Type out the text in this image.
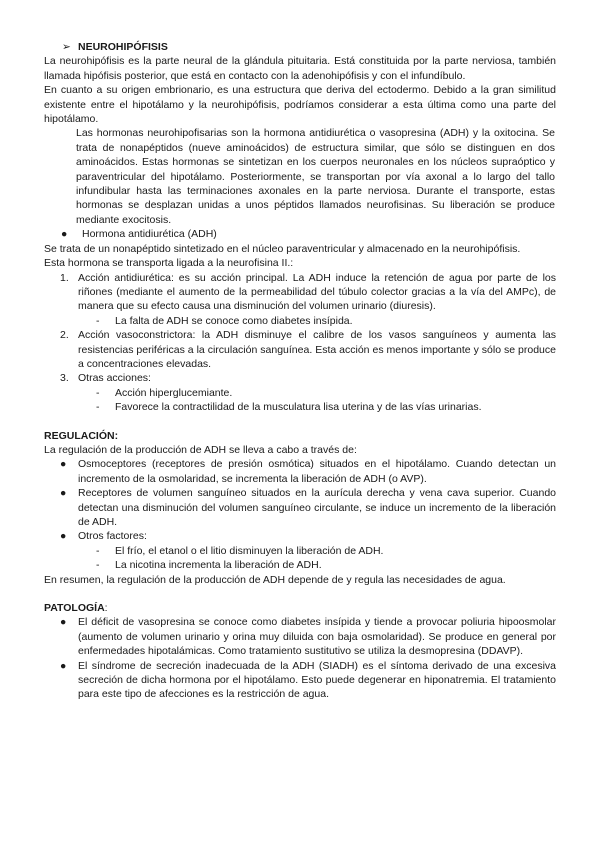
➢ NEUROHIPÓFISIS
La neurohipófisis es la parte neural de la glándula pituitaria. Está constituida por la parte nerviosa, también llamada hipófisis posterior, que está en contacto con la adenohipófisis y con el infundíbulo.
En cuanto a su origen embrionario, es una estructura que deriva del ectodermo. Debido a la gran similitud existente entre el hipotálamo y la neurohipófisis, podríamos considerar a esta última como una parte del hipotálamo.
Las hormonas neurohipofisarias son la hormona antidiurética o vasopresina (ADH) y la oxitocina. Se trata de nonapéptidos (nueve aminoácidos) de estructura similar, que sólo se distinguen en dos aminoácidos. Estas hormonas se sintetizan en los cuerpos neuronales en los núcleos supraóptico y paraventricular del hipotálamo. Posteriormente, se transportan por vía axonal a lo largo del tallo infundibular hasta las terminaciones axonales en la parte nerviosa. Durante el transporte, estas hormonas se desplazan unidas a unos péptidos llamados neurofisinas. Su liberación se produce mediante exocitosis.
● Hormona antidiurética (ADH)
Se trata de un nonapéptido sintetizado en el núcleo paraventricular y almacenado en la neurohipófisis.
Esta hormona se transporta ligada a la neurofisina II.:
1. Acción antidiurética: es su acción principal. La ADH induce la retención de agua por parte de los riñones (mediante el aumento de la permeabilidad del túbulo colector gracias a la vía del AMPc), de manera que su efecto causa una disminución del volumen urinario (diuresis).
- La falta de ADH se conoce como diabetes insípida.
2. Acción vasoconstrictora: la ADH disminuye el calibre de los vasos sanguíneos y aumenta las resistencias periféricas a la circulación sanguínea. Esta acción es menos importante y sólo se produce a concentraciones elevadas.
3. Otras acciones:
- Acción hiperglucemiante.
- Favorece la contractilidad de la musculatura lisa uterina y de las vías urinarias.
REGULACIÓN:
La regulación de la producción de ADH se lleva a cabo a través de:
● Osmoceptores (receptores de presión osmótica) situados en el hipotálamo. Cuando detectan un incremento de la osmolaridad, se incrementa la liberación de ADH (o AVP).
● Receptores de volumen sanguíneo situados en la aurícula derecha y vena cava superior. Cuando detectan una disminución del volumen sanguíneo circulante, se induce un incremento de la liberación de ADH.
● Otros factores:
- El frío, el etanol o el litio disminuyen la liberación de ADH.
- La nicotina incrementa la liberación de ADH.
En resumen, la regulación de la producción de ADH depende de y regula las necesidades de agua.
PATOLOGÍA:
● El déficit de vasopresina se conoce como diabetes insípida y tiende a provocar poliuria hipoosmolar (aumento de volumen urinario y orina muy diluida con baja osmolaridad). Se produce en general por enfermedades hipotalámicas. Como tratamiento sustitutivo se utiliza la desmopresina (DDAVP).
● El síndrome de secreción inadecuada de la ADH (SIADH) es el síntoma derivado de una excesiva secreción de dicha hormona por el hipotálamo. Esto puede degenerar en hiponatremia. El tratamiento para este tipo de afecciones es la restricción de agua.
